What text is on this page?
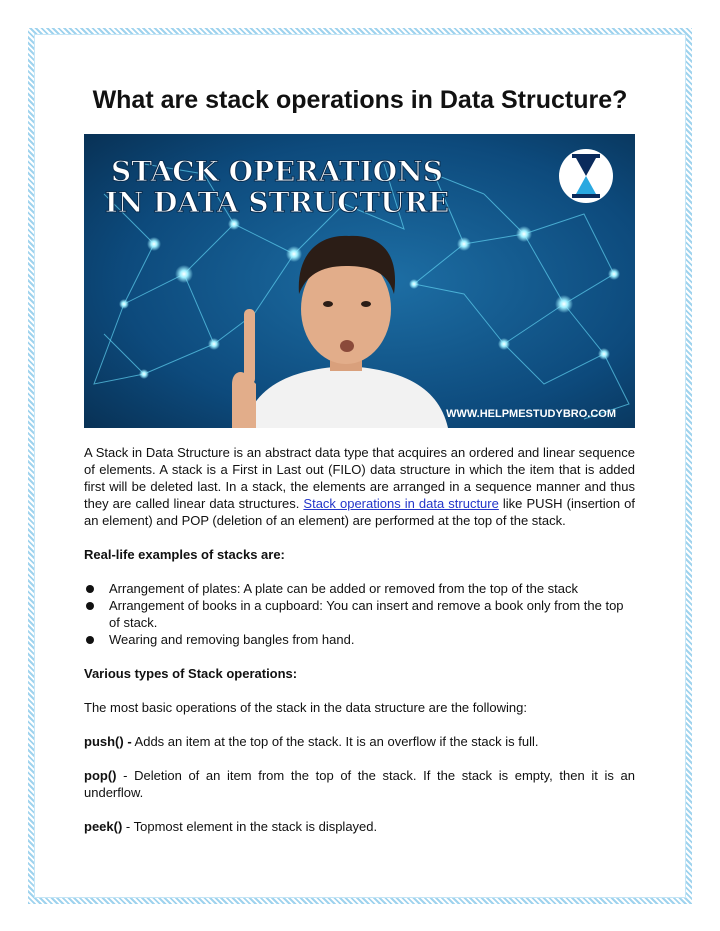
What are stack operations in Data Structure?
STACK OPERATIONS
IN DATA STRUCTURE
WWW.HELPMESTUDYBRO.COM

A Stack in Data Structure is an abstract data type that acquires an ordered and linear sequence of elements. A stack is a First in Last out (FILO) data structure in which the item that is added first will be deleted last. In a stack, the elements are arranged in a sequence manner and thus they are called linear data structures. Stack operations in data structure like PUSH (insertion of an element) and POP (deletion of an element) are performed at the top of the stack.

Real-life examples of stacks are:

Arrangement of plates: A plate can be added or removed from the top of the stack
Arrangement of books in a cupboard: You can insert and remove a book only from the top of stack.
Wearing and removing bangles from hand.

Various types of Stack operations:

The most basic operations of the stack in the data structure are the following:

push() - Adds an item at the top of the stack. It is an overflow if the stack is full.

pop() - Deletion of an item from the top of the stack. If the stack is empty, then it is an underflow.

peek() - Topmost element in the stack is displayed.
